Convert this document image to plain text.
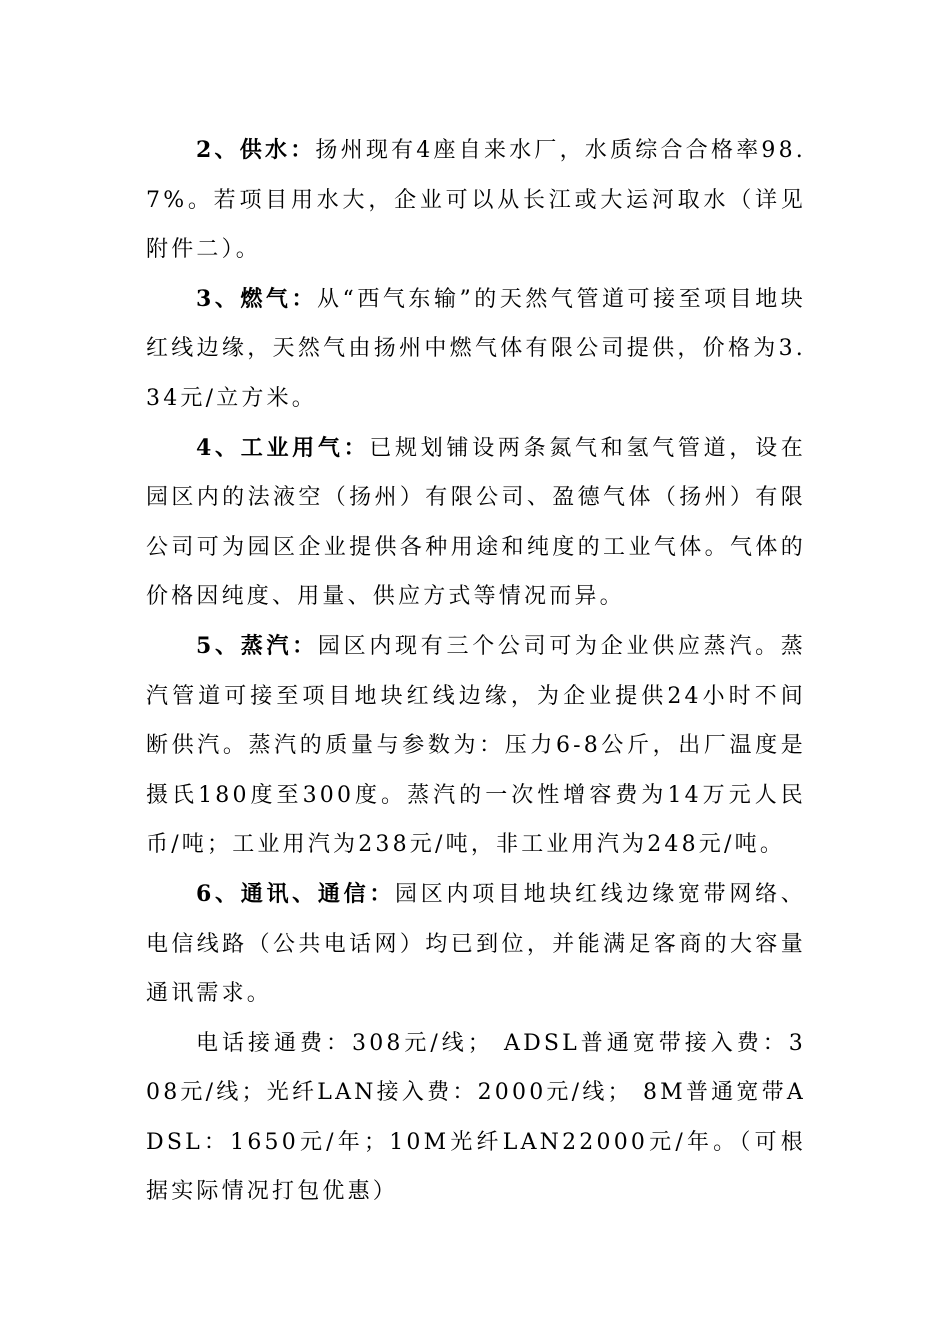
2、供水：扬州现有4座自来水厂，水质综合合格率98.7%。若项目用水大，企业可以从长江或大运河取水（详见附件二）。

3、燃气：从“西气东输”的天然气管道可接至项目地块红线边缘，天然气由扬州中燃气体有限公司提供，价格为3.34元/立方米。

4、工业用气：已规划铺设两条氮气和氢气管道，设在园区内的法液空（扬州）有限公司、盈德气体（扬州）有限公司可为园区企业提供各种用途和纯度的工业气体。气体的价格因纯度、用量、供应方式等情况而异。

5、蒸汽：园区内现有三个公司可为企业供应蒸汽。蒸汽管道可接至项目地块红线边缘，为企业提供24小时不间断供汽。蒸汽的质量与参数为：压力6-8公斤，出厂温度是摄氏180度至300度。蒸汽的一次性增容费为14万元人民币/吨；工业用汽为238元/吨，非工业用汽为248元/吨。

6、通讯、通信：园区内项目地块红线边缘宽带网络、电信线路（公共电话网）均已到位，并能满足客商的大容量通讯需求。

电话接通费：308元/线； ADSL普通宽带接入费：308元/线；光纤LAN接入费：2000元/线； 8M普通宽带ADSL：1650元/年；10M光纤LAN22000元/年。（可根据实际情况打包优惠）
